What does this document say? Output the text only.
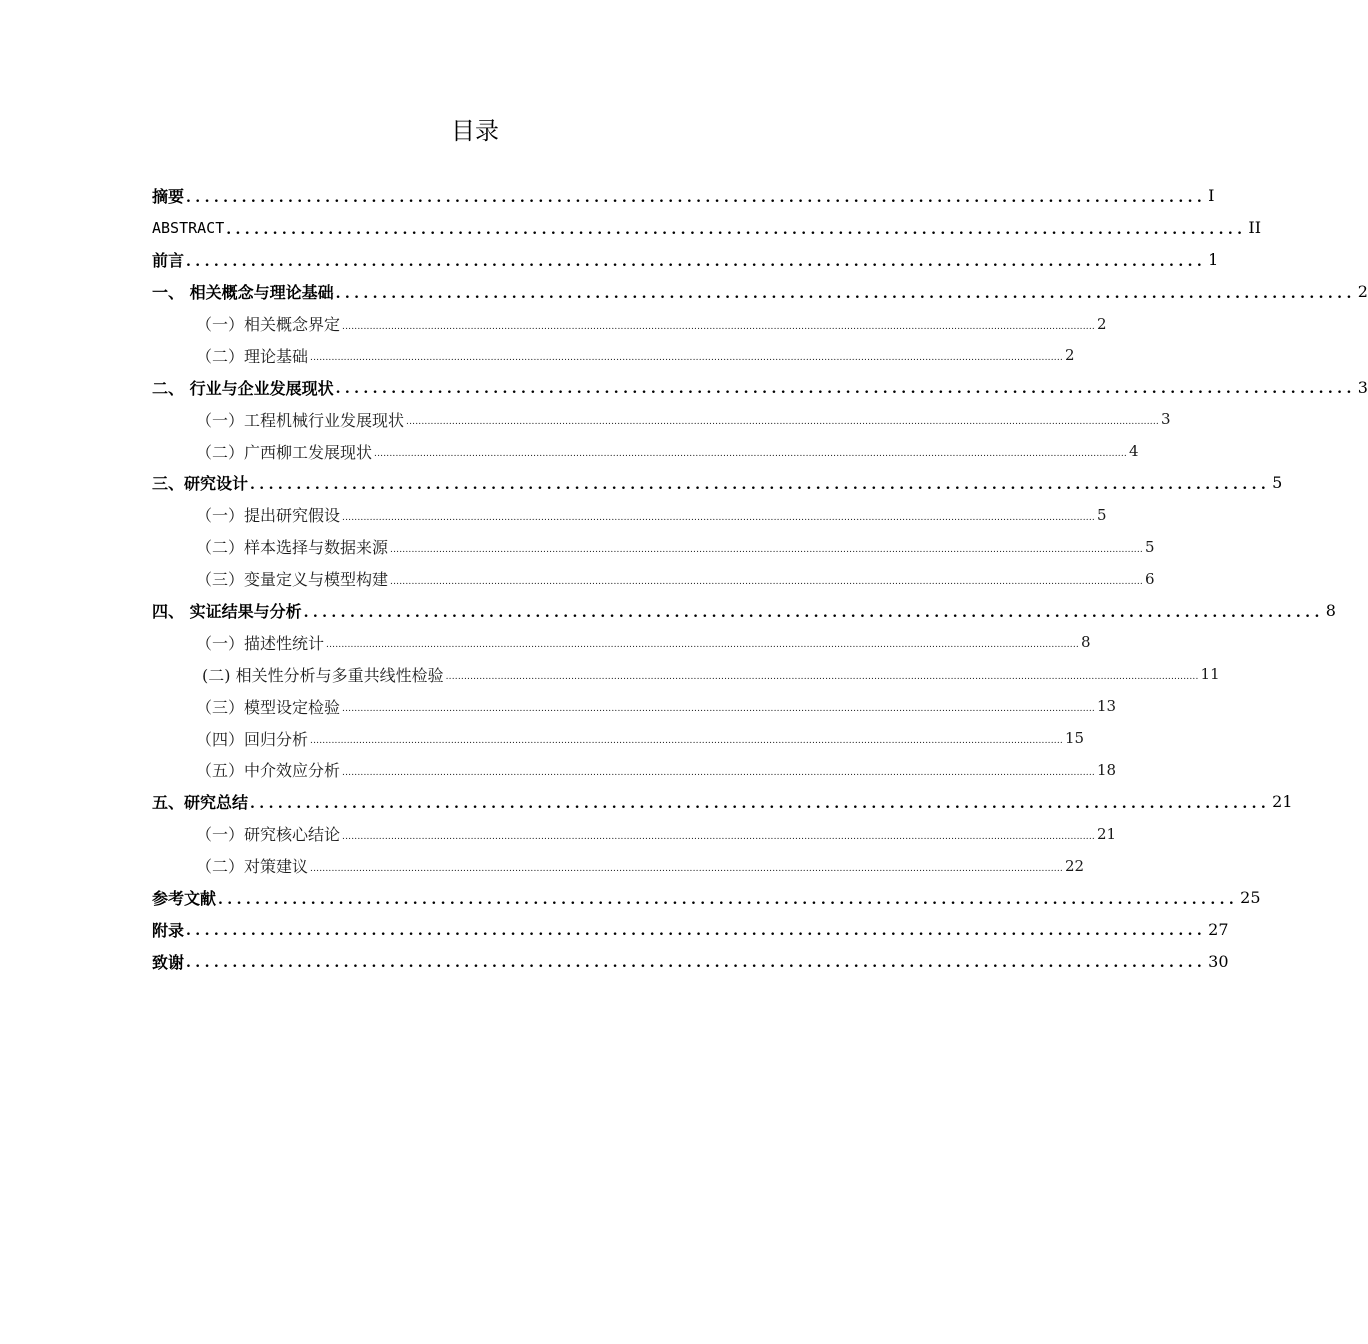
目录
摘要 .............................................................................................................. I
ABSTRACT .............................................................................................................. II
前言 .............................................................................................................. 1
一、 相关概念与理论基础 .............................................................................................................. 2
（一）相关概念界定 ...................................................................................................................................................................................................................................................... 2
（二）理论基础 ...................................................................................................................................................................................................................................................... 2
二、 行业与企业发展现状 .............................................................................................................. 3
（一）工程机械行业发展现状 ...................................................................................................................................................................................................................................................... 3
（二）广西柳工发展现状 ...................................................................................................................................................................................................................................................... 4
三、研究设计 .............................................................................................................. 5
（一）提出研究假设 ...................................................................................................................................................................................................................................................... 5
（二）样本选择与数据来源 ...................................................................................................................................................................................................................................................... 5
（三）变量定义与模型构建 ...................................................................................................................................................................................................................................................... 6
四、 实证结果与分析 .............................................................................................................. 8
（一）描述性统计 ...................................................................................................................................................................................................................................................... 8
(二) 相关性分析与多重共线性检验 ...................................................................................................................................................................................................................................................... 11
（三）模型设定检验 ...................................................................................................................................................................................................................................................... 13
（四）回归分析 ...................................................................................................................................................................................................................................................... 15
（五）中介效应分析 ...................................................................................................................................................................................................................................................... 18
五、研究总结 .............................................................................................................. 21
（一）研究核心结论 ...................................................................................................................................................................................................................................................... 21
（二）对策建议 ...................................................................................................................................................................................................................................................... 22
参考文献 .............................................................................................................. 25
附录 .............................................................................................................. 27
致谢 .............................................................................................................. 30
